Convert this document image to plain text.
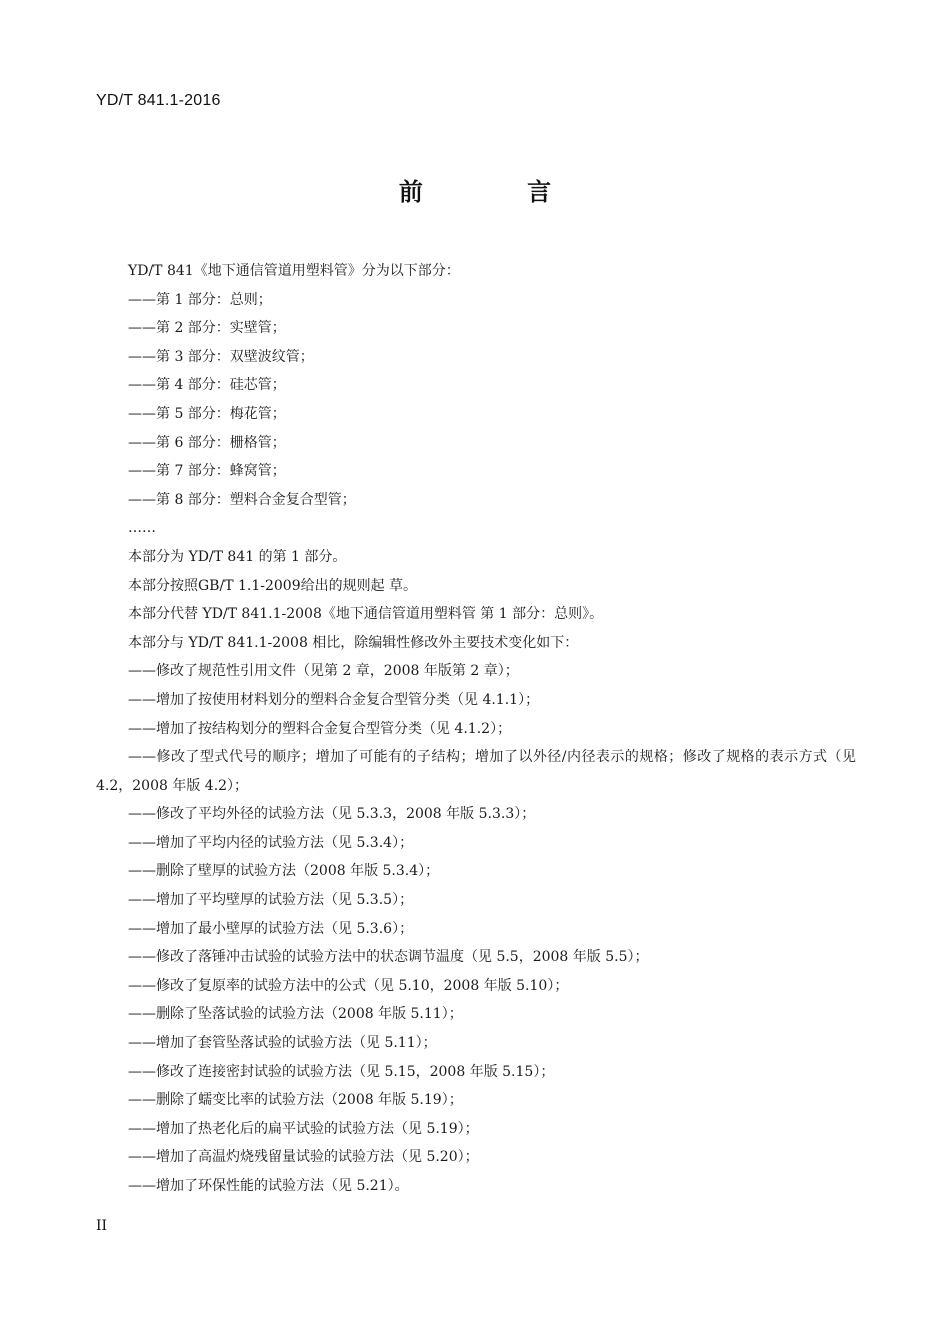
YD/T 841.1-2016
前 言

YD/T 841《地下通信管道用塑料管》分为以下部分：

——第 1 部分：总则；

——第 2 部分：实壁管；

——第 3 部分：双壁波纹管；

——第 4 部分：硅芯管；

——第 5 部分：梅花管；

——第 6 部分：栅格管；

——第 7 部分：蜂窝管；

——第 8 部分：塑料合金复合型管；

……

本部分为 YD/T 841 的第 1 部分。

本部分按照GB/T 1.1-2009给出的规则起 草。

本部分代替 YD/T 841.1-2008《地下通信管道用塑料管 第 1 部分：总则》。

本部分与 YD/T 841.1-2008 相比，除编辑性修改外主要技术变化如下：

——修改了规范性引用文件（见第 2 章，2008 年版第 2 章）；

——增加了按使用材料划分的塑料合金复合型管分类（见 4.1.1）；

——增加了按结构划分的塑料合金复合型管分类（见 4.1.2）；

——修改了型式代号的顺序；增加了可能有的子结构；增加了以外径/内径表示的规格；修改了规格的表示方式（见 4.2，2008 年版 4.2）；

——修改了平均外径的试验方法（见 5.3.3，2008 年版 5.3.3）；

——增加了平均内径的试验方法（见 5.3.4）；

——删除了壁厚的试验方法（2008 年版 5.3.4）；

——增加了平均壁厚的试验方法（见 5.3.5）；

——增加了最小壁厚的试验方法（见 5.3.6）；

——修改了落锤冲击试验的试验方法中的状态调节温度（见 5.5，2008 年版 5.5）；

——修改了复原率的试验方法中的公式（见 5.10，2008 年版 5.10）；

——删除了坠落试验的试验方法（2008 年版 5.11）；

——增加了套管坠落试验的试验方法（见 5.11）；

——修改了连接密封试验的试验方法（见 5.15，2008 年版 5.15）；

——删除了蠕变比率的试验方法（2008 年版 5.19）；

——增加了热老化后的扁平试验的试验方法（见 5.19）；

——增加了高温灼烧残留量试验的试验方法（见 5.20）；

——增加了环保性能的试验方法（见 5.21）。

II
